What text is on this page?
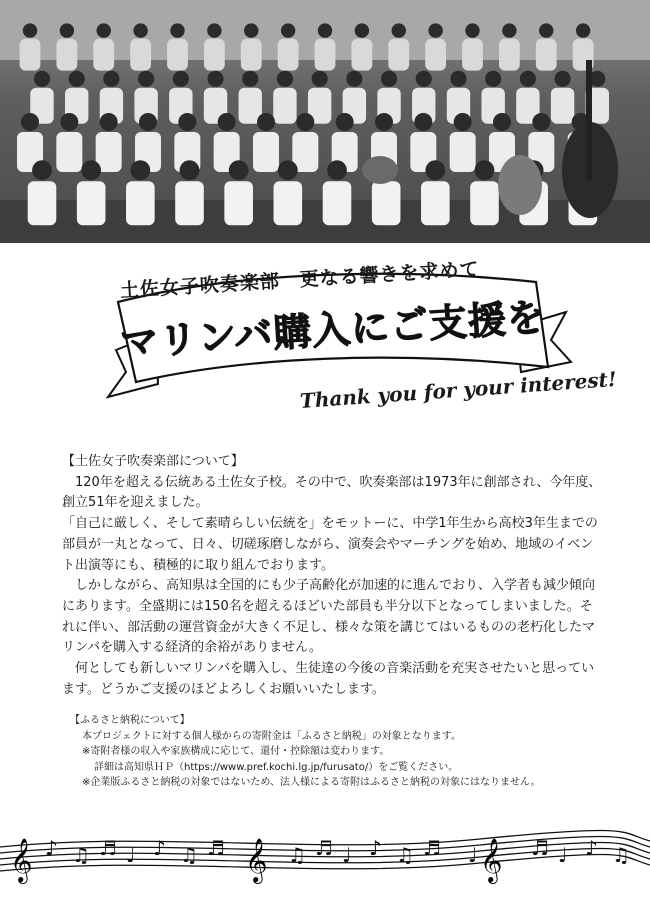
土佐女子吹奏楽部　更なる響きを求めて
マリンバ購入にご支援を
Thank you for your interest!

【土佐女子吹奏楽部について】

120年を超える伝統ある土佐女子校。その中で、吹奏楽部は1973年に創部され、今年度、創立51年を迎えました。

「自己に厳しく、そして素晴らしい伝統を」をモットーに、中学1年生から高校3年生までの部員が一丸となって、日々、切磋琢磨しながら、演奏会やマーチングを始め、地域のイベント出演等にも、積極的に取り組んでおります。

しかしながら、高知県は全国的にも少子高齢化が加速的に進んでおり、入学者も減少傾向にあります。全盛期には150名を超えるほどいた部員も半分以下となってしまいました。それに伴い、部活動の運営資金が大きく不足し、様々な策を講じてはいるものの老朽化したマリンバを購入する経済的余裕がありません。

何としても新しいマリンバを購入し、生徒達の今後の音楽活動を充実させたいと思っています。どうかご支援のほどよろしくお願いいたします。

【ふるさと納税について】

本プロジェクトに対する個人様からの寄附金は「ふるさと納税」の対象となります。

※寄附者様の収入や家族構成に応じて、還付・控除額は変わります。

詳細は高知県ＨＰ（https://www.pref.kochi.lg.jp/furusato/）をご覧ください。

※企業版ふるさと納税の対象ではないため、法人様による寄附はふるさと納税の対象にはなりません。

𝄞	𝄞	𝄞
♪ ♫ ♬ ♩ ♪ ♫ ♬	♫ ♬ ♩ ♪ ♫ ♬ ♩	♬ ♩ ♪ ♫
